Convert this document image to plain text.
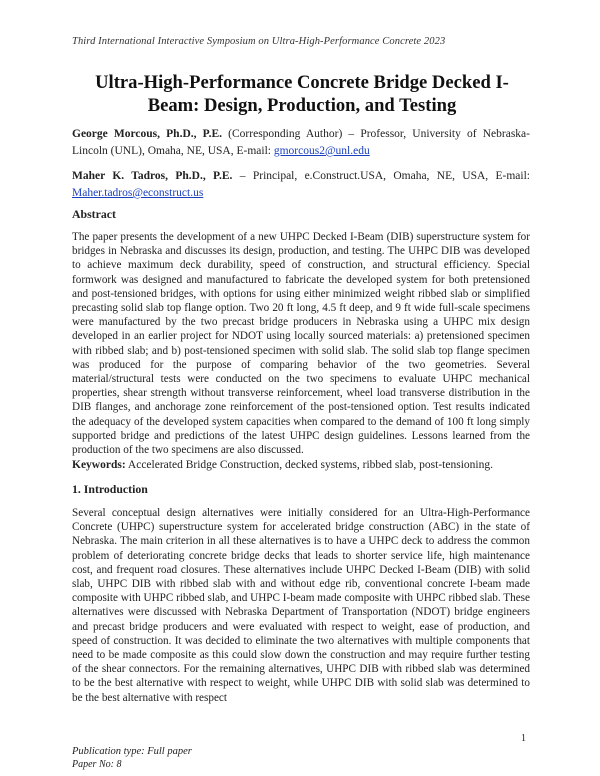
Third International Interactive Symposium on Ultra-High-Performance Concrete 2023
Ultra-High-Performance Concrete Bridge Decked I-Beam: Design, Production, and Testing
George Morcous, Ph.D., P.E. (Corresponding Author) – Professor, University of Nebraska-Lincoln (UNL), Omaha, NE, USA, E-mail: gmorcous2@unl.edu
Maher K. Tadros, Ph.D., P.E. – Principal, e.Construct.USA, Omaha, NE, USA, E-mail: Maher.tadros@econstruct.us
Abstract
The paper presents the development of a new UHPC Decked I-Beam (DIB) superstructure system for bridges in Nebraska and discusses its design, production, and testing. The UHPC DIB was developed to achieve maximum deck durability, speed of construction, and structural efficiency. Special formwork was designed and manufactured to fabricate the developed system for both pretensioned and post-tensioned bridges, with options for using either minimized weight ribbed slab or simplified precasting solid slab top flange option. Two 20 ft long, 4.5 ft deep, and 9 ft wide full-scale specimens were manufactured by the two precast bridge producers in Nebraska using a UHPC mix design developed in an earlier project for NDOT using locally sourced materials: a) pretensioned specimen with ribbed slab; and b) post-tensioned specimen with solid slab. The solid slab top flange specimen was produced for the purpose of comparing behavior of the two geometries. Several material/structural tests were conducted on the two specimens to evaluate UHPC mechanical properties, shear strength without transverse reinforcement, wheel load transverse distribution in the DIB flanges, and anchorage zone reinforcement of the post-tensioned option. Test results indicated the adequacy of the developed system capacities when compared to the demand of 100 ft long simply supported bridge and predictions of the latest UHPC design guidelines. Lessons learned from the production of the two specimens are also discussed.
Keywords: Accelerated Bridge Construction, decked systems, ribbed slab, post-tensioning.
1. Introduction
Several conceptual design alternatives were initially considered for an Ultra-High-Performance Concrete (UHPC) superstructure system for accelerated bridge construction (ABC) in the state of Nebraska. The main criterion in all these alternatives is to have a UHPC deck to address the common problem of deteriorating concrete bridge decks that leads to shorter service life, high maintenance cost, and frequent road closures. These alternatives include UHPC Decked I-Beam (DIB) with solid slab, UHPC DIB with ribbed slab with and without edge rib, conventional concrete I-beam made composite with UHPC ribbed slab, and UHPC I-beam made composite with UHPC ribbed slab. These alternatives were discussed with Nebraska Department of Transportation (NDOT) bridge engineers and precast bridge producers and were evaluated with respect to weight, ease of production, and speed of construction. It was decided to eliminate the two alternatives with multiple components that need to be made composite as this could slow down the construction and may require further testing of the shear connectors. For the remaining alternatives, UHPC DIB with ribbed slab was determined to be the best alternative with respect to weight, while UHPC DIB with solid slab was determined to be the best alternative with respect
1
Publication type: Full paper
Paper No: 8
